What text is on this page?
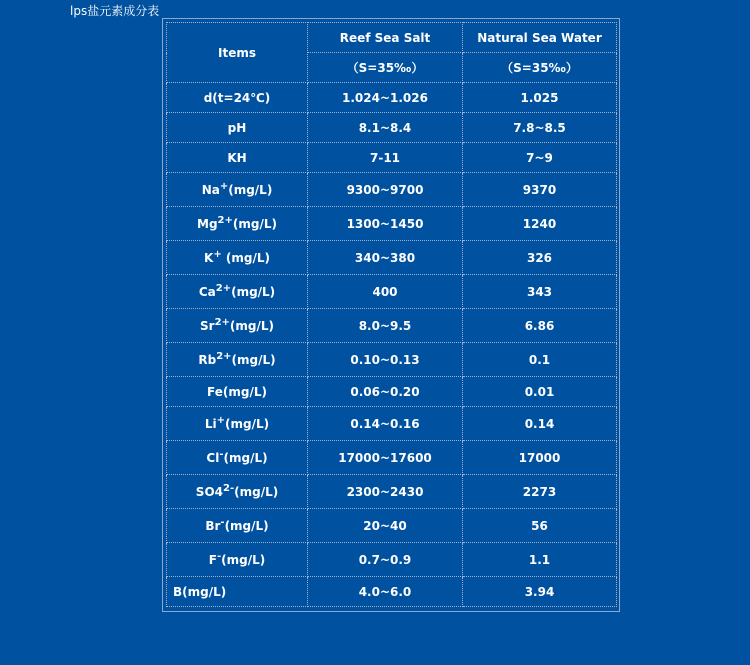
lps盐元素成分表
Items	Reef Sea Salt	Natural Sea Water
	（S=35‰）	（S=35‰）
d(t=24℃)	1.024~1.026	1.025
pH	8.1~8.4	7.8~8.5
KH	7-11	7~9
Na+(mg/L)	9300~9700	9370
$Mg^{2+}(mg/L)$	1300~1450	1240
K+ (mg/L)	340~380	326
$Ca^{2+}(mg/L)$	400	343
$Sr^{2+}(mg/L)$	8.0~9.5	6.86
$Rb^{2+}(mg/L)$	0.10~0.13	0.1
Fe(mg/L)	0.06~0.20	0.01
Li+(mg/L)	0.14~0.16	0.14
Cl-(mg/L)	17000~17600	17000
$SO4^{2-}(mg/L)$	2300~2430	2273
Br-(mg/L)	20~40	56
F-(mg/L)	0.7~0.9	1.1
B(mg/L)	4.0~6.0	3.94
